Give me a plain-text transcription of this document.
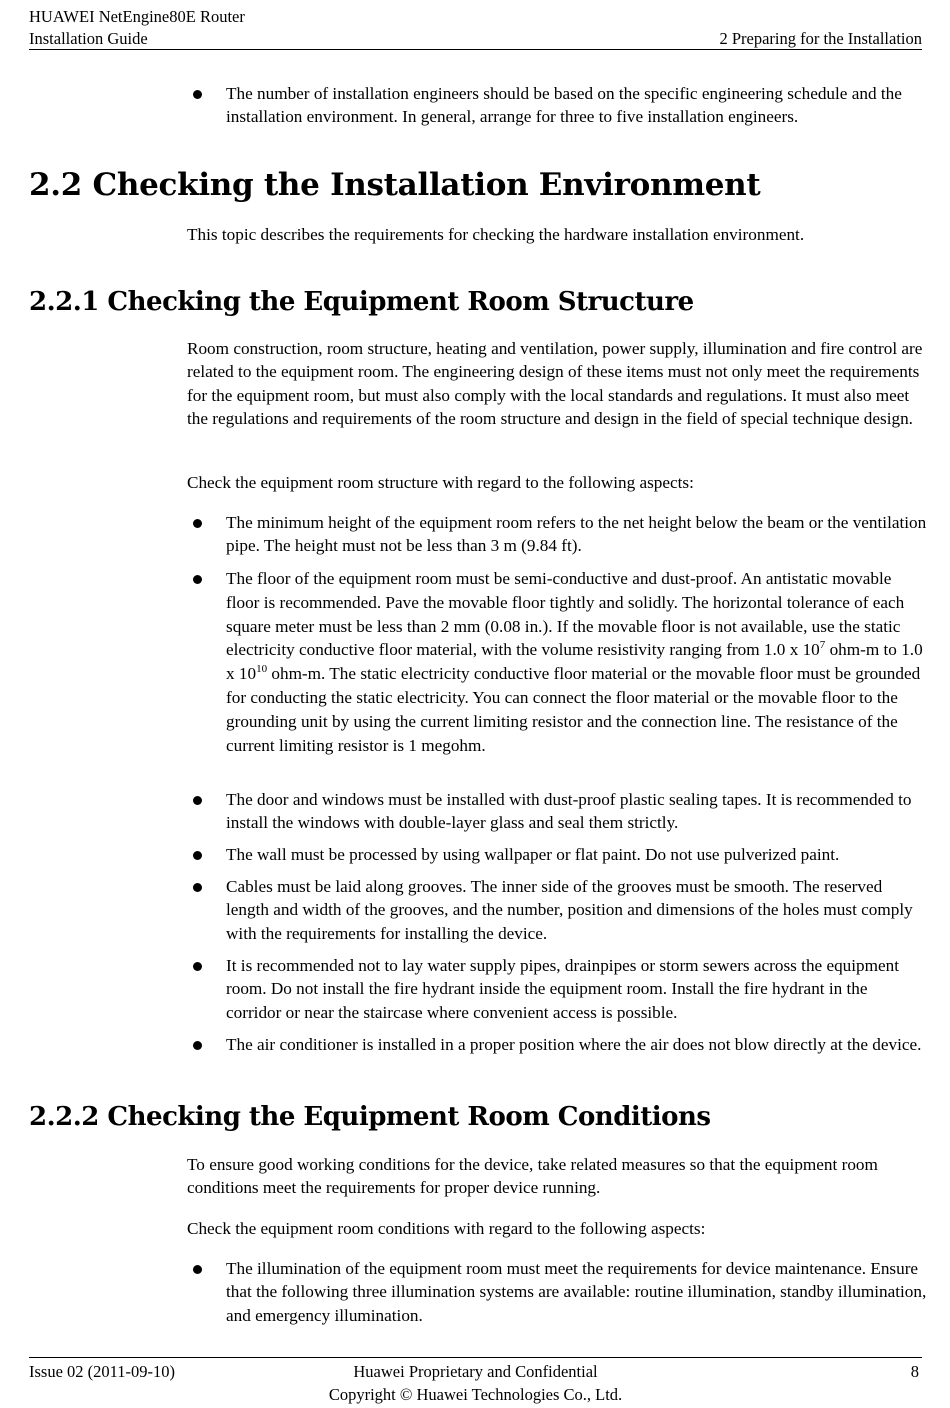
HUAWEI NetEngine80E Router
Installation Guide	2 Preparing for the Installation
The number of installation engineers should be based on the specific engineering schedule and the installation environment. In general, arrange for three to five installation engineers.
2.2 Checking the Installation Environment

This topic describes the requirements for checking the hardware installation environment.

2.2.1 Checking the Equipment Room Structure

Room construction, room structure, heating and ventilation, power supply, illumination and fire control are related to the equipment room. The engineering design of these items must not only meet the requirements for the equipment room, but must also comply with the local standards and regulations. It must also meet the regulations and requirements of the room structure and design in the field of special technique design.

Check the equipment room structure with regard to the following aspects:

The minimum height of the equipment room refers to the net height below the beam or the ventilation pipe. The height must not be less than 3 m (9.84 ft).
The floor of the equipment room must be semi-conductive and dust-proof. An antistatic movable floor is recommended. Pave the movable floor tightly and solidly. The horizontal tolerance of each square meter must be less than 2 mm (0.08 in.). If the movable floor is not available, use the static electricity conductive floor material, with the volume resistivity ranging from 1.0 x $10^7$ ohm-m to 1.0 x $10^{10}$ ohm-m. The static electricity conductive floor material or the movable floor must be grounded for conducting the static electricity. You can connect the floor material or the movable floor to the grounding unit by using the current limiting resistor and the connection line. The resistance of the current limiting resistor is 1 megohm.
The door and windows must be installed with dust-proof plastic sealing tapes. It is recommended to install the windows with double-layer glass and seal them strictly.
The wall must be processed by using wallpaper or flat paint. Do not use pulverized paint.
Cables must be laid along grooves. The inner side of the grooves must be smooth. The reserved length and width of the grooves, and the number, position and dimensions of the holes must comply with the requirements for installing the device.
It is recommended not to lay water supply pipes, drainpipes or storm sewers across the equipment room. Do not install the fire hydrant inside the equipment room. Install the fire hydrant in the corridor or near the staircase where convenient access is possible.
The air conditioner is installed in a proper position where the air does not blow directly at the device.
2.2.2 Checking the Equipment Room Conditions

To ensure good working conditions for the device, take related measures so that the equipment room conditions meet the requirements for proper device running.

Check the equipment room conditions with regard to the following aspects:

The illumination of the equipment room must meet the requirements for device maintenance. Ensure that the following three illumination systems are available: routine illumination, standby illumination, and emergency illumination.
Issue 02 (2011-09-10)	Huawei Proprietary and Confidential
Copyright © Huawei Technologies Co., Ltd.
8
